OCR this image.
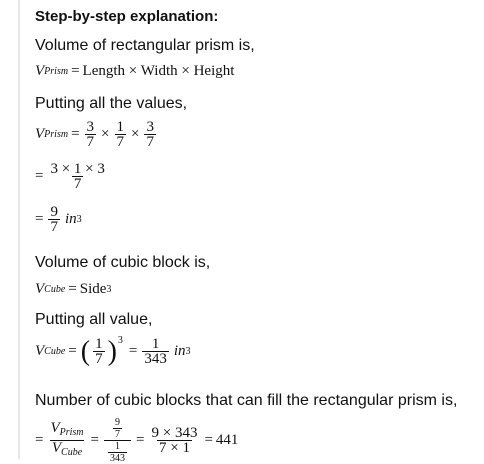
Step-by-step explanation:
Volume of rectangular prism is,
V Prism = Length × Width × Height
Putting all the values,
V Prism = $\frac{3}{7} \times \frac{1}{7} \times \frac{3}{7}$
= $\frac{3 \times 1 \times 3}{7}$
= $\frac{9}{7}$ in 3
Volume of cubic block is,
V Cube = Side 3
Putting all value,
V Cube = ( $\frac{1}{7}$ ) 3
= $\frac{1}{343}$ in 3
Number of cubic blocks that can fill the rectangular prism is,
= $\frac{V_{Prism}}{V_{Cube}} = \frac{\frac{9}{7}}{\frac{1}{343}} = \frac{9 \times 343}{7 \times 1} = 441$
